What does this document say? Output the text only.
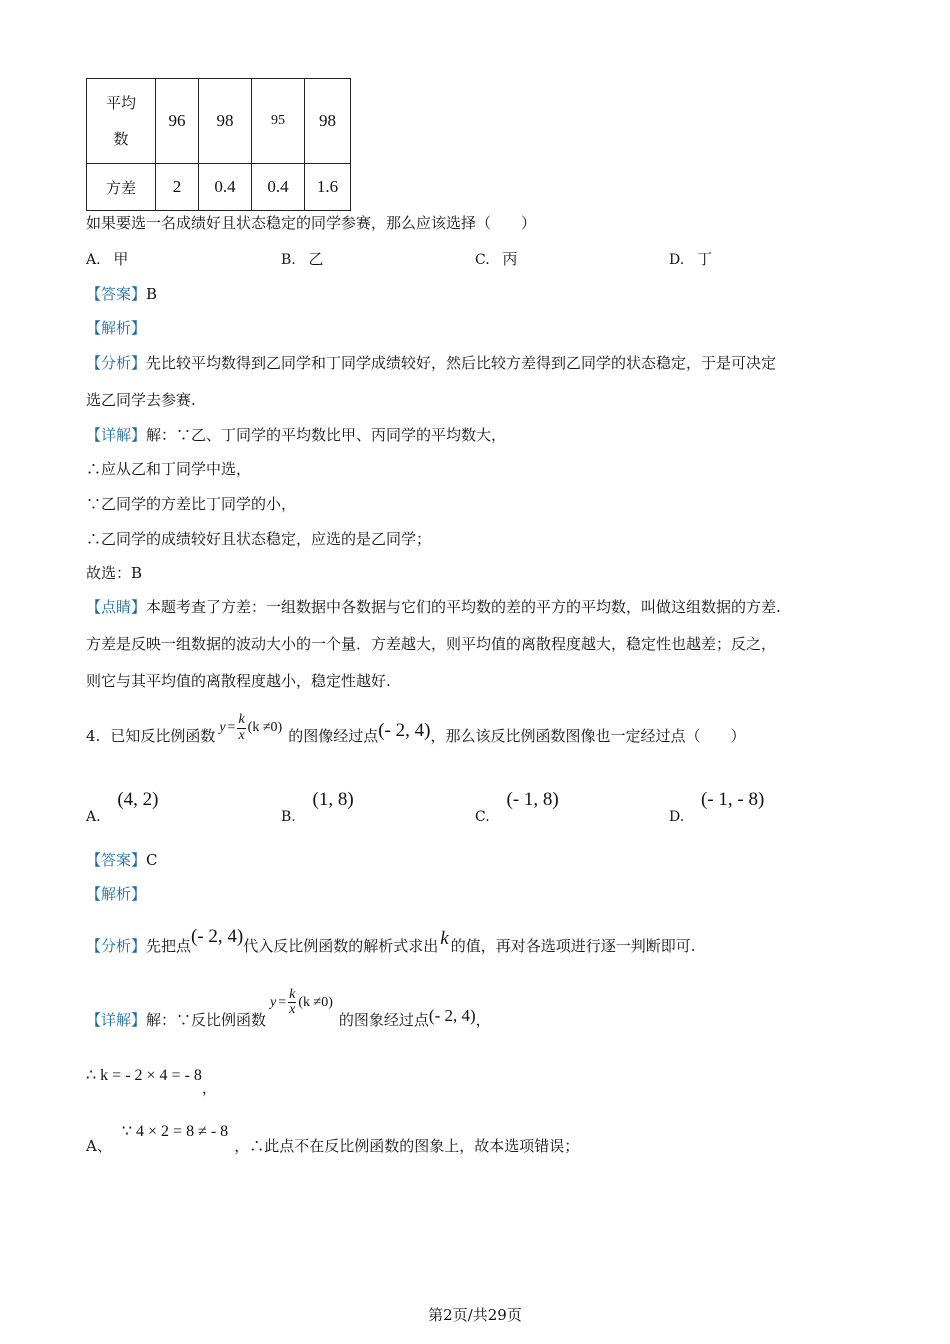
平均
数	96	98	95	98
方差	2	0.4	0.4	1.6
如果要选一名成绩好且状态稳定的同学参赛，那么应该选择（　　）
A. 甲	B. 乙	C. 丙	D. 丁
【答案】B
【解析】
【分析】先比较平均数得到乙同学和丁同学成绩较好，然后比较方差得到乙同学的状态稳定，于是可决定
选乙同学去参赛.
【详解】解：∵乙、丁同学的平均数比甲、丙同学的平均数大，
∴应从乙和丁同学中选，
∵乙同学的方差比丁同学的小，
∴乙同学的成绩较好且状态稳定，应选的是乙同学；
故选：B
【点睛】本题考查了方差：一组数据中各数据与它们的平均数的差的平方的平均数，叫做这组数据的方差.
方差是反映一组数据的波动大小的一个量．方差越大，则平均值的离散程度越大，稳定性也越差；反之，
则它与其平均值的离散程度越小，稳定性越好.
4. 已知反比例函数 $y = \frac{k}{x} (k \ne 0)$ 的图像经过点 (- 2, 4) ，那么该反比例函数图像也一定经过点（　　）
A. (4, 2)
B. (1, 8)
C. (- 1, 8)
D. (- 1, - 8)
【答案】C
【解析】
【分析】 先把点 (- 2, 4) 代入反比例函数的解析式求出 k 的值，再对各选项进行逐一判断即可.
【详解】 解：∵反比例函数
$y = \frac{k}{x} (k \ne 0)$
的图象经过点 (- 2, 4) ，
∴ k = - 2 × 4 = - 8
，
A、
∵ 4 × 2 = 8 ≠ - 8
，∴此点不在反比例函数的图象上，故本选项错误；
第2页/共29页
